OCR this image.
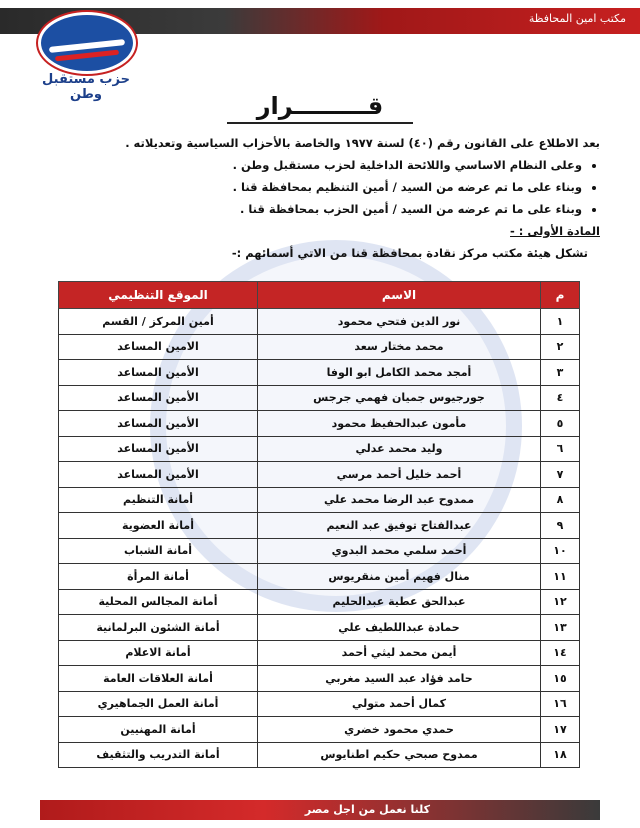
مكتب امين المحافظة
حزب مستقبل وطن	قـــــــــرار

بعد الاطلاع على القانون رقم (٤٠) لسنة ١٩٧٧ والخاصة بالأحزاب السياسية وتعديلاته .

• وعلى النظام الاساسي واللائحة الداخلية لحزب مستقبل وطن .
• وبناء على ما تم عرضه من السيد / أمين التنظيم بمحافظة قنا .
• وبناء على ما تم عرضه من السيد / أمين الحزب بمحافظة قنا .

المادة الأولى : -

تشكل هيئة مكتب مركز نقادة بمحافظة قنا من الاتي أسمائهم :-

م	الاسم	الموقع التنظيمي
١	نور الدين فتحي محمود	أمين المركز / القسم
٢	محمد مختار سعد	الامين المساعد
٣	أمجد محمد الكامل ابو الوفا	الأمين المساعد
٤	جورجيوس جميان فهمي جرجس	الأمين المساعد
٥	مأمون عبدالحفيظ محمود	الأمين المساعد
٦	وليد محمد عدلي	الأمين المساعد
٧	أحمد خليل أحمد مرسي	الأمين المساعد
٨	ممدوح عبد الرضا محمد علي	أمانة التنظيم
٩	عبدالفتاح توفيق عبد النعيم	أمانة العضوية
١٠	أحمد سلمي محمد البدوي	أمانة الشباب
١١	منال فهيم أمين منقريوس	أمانة المرأة
١٢	عبدالحق عطية عبدالحليم	أمانة المجالس المحلية
١٣	حمادة عبداللطيف علي	أمانة الشئون البرلمانية
١٤	أيمن محمد ليثي أحمد	أمانة الاعلام
١٥	حامد فؤاد عبد السيد مغربي	أمانة العلاقات العامة
١٦	كمال أحمد متولي	أمانة العمل الجماهيري
١٧	حمدي محمود خضري	أمانة المهنيين
١٨	ممدوح صبحي حكيم اطنايوس	أمانة التدريب والتثقيف
كلنا نعمل من اجل مصر
